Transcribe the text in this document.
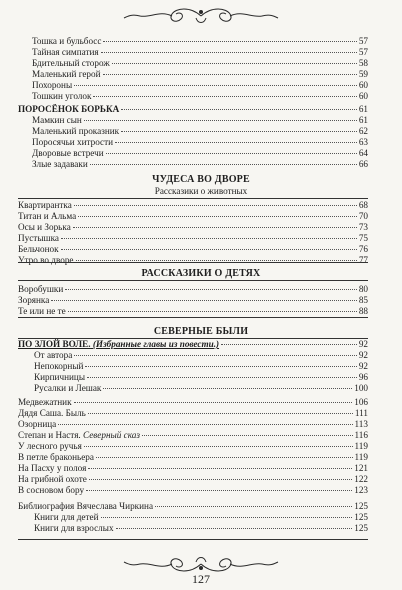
Тошка и бульбосс	57
Тайная симпатия	57
Бдительный сторож	58
Маленький герой	59
Похороны	60
Тошкин уголок	60
ПОРОСЁНОК БОРЬКА	61
Мамкин сын	61
Маленький проказник	62
Поросячьи хитрости	63
Дворовые встречи	64
Злые задаваки	66
ЧУДЕСА ВО ДВОРЕ
Рассказики о животных
Квартирантка	68
Титан и Альма	70
Осы и Зорька	73
Пустышка	75
Бельчонок	76
Утро во дворе	77
РАССКАЗИКИ О ДЕТЯХ
Воробушки	80
Зорянка	85
Те или не те	88
СЕВЕРНЫЕ БЫЛИ
ПО ЗЛОЙ ВОЛЕ. (Избранные главы из повести.)	92
От автора	92
Непокорный	92
Кирпичницы	96
Русалки и Лешак	100
Медвежатник	106
Дядя Саша. Быль	111
Озорница	113
Степан и Настя. Северный сказ	116
У лесного ручья	119
В петле браконьера	119
На Пасху у полоя	121
На грибной охоте	122
В сосновом бору	123
Библиография Вячеслава Чиркина	125
Книги для детей	125
Книги для взрослых	125
127
